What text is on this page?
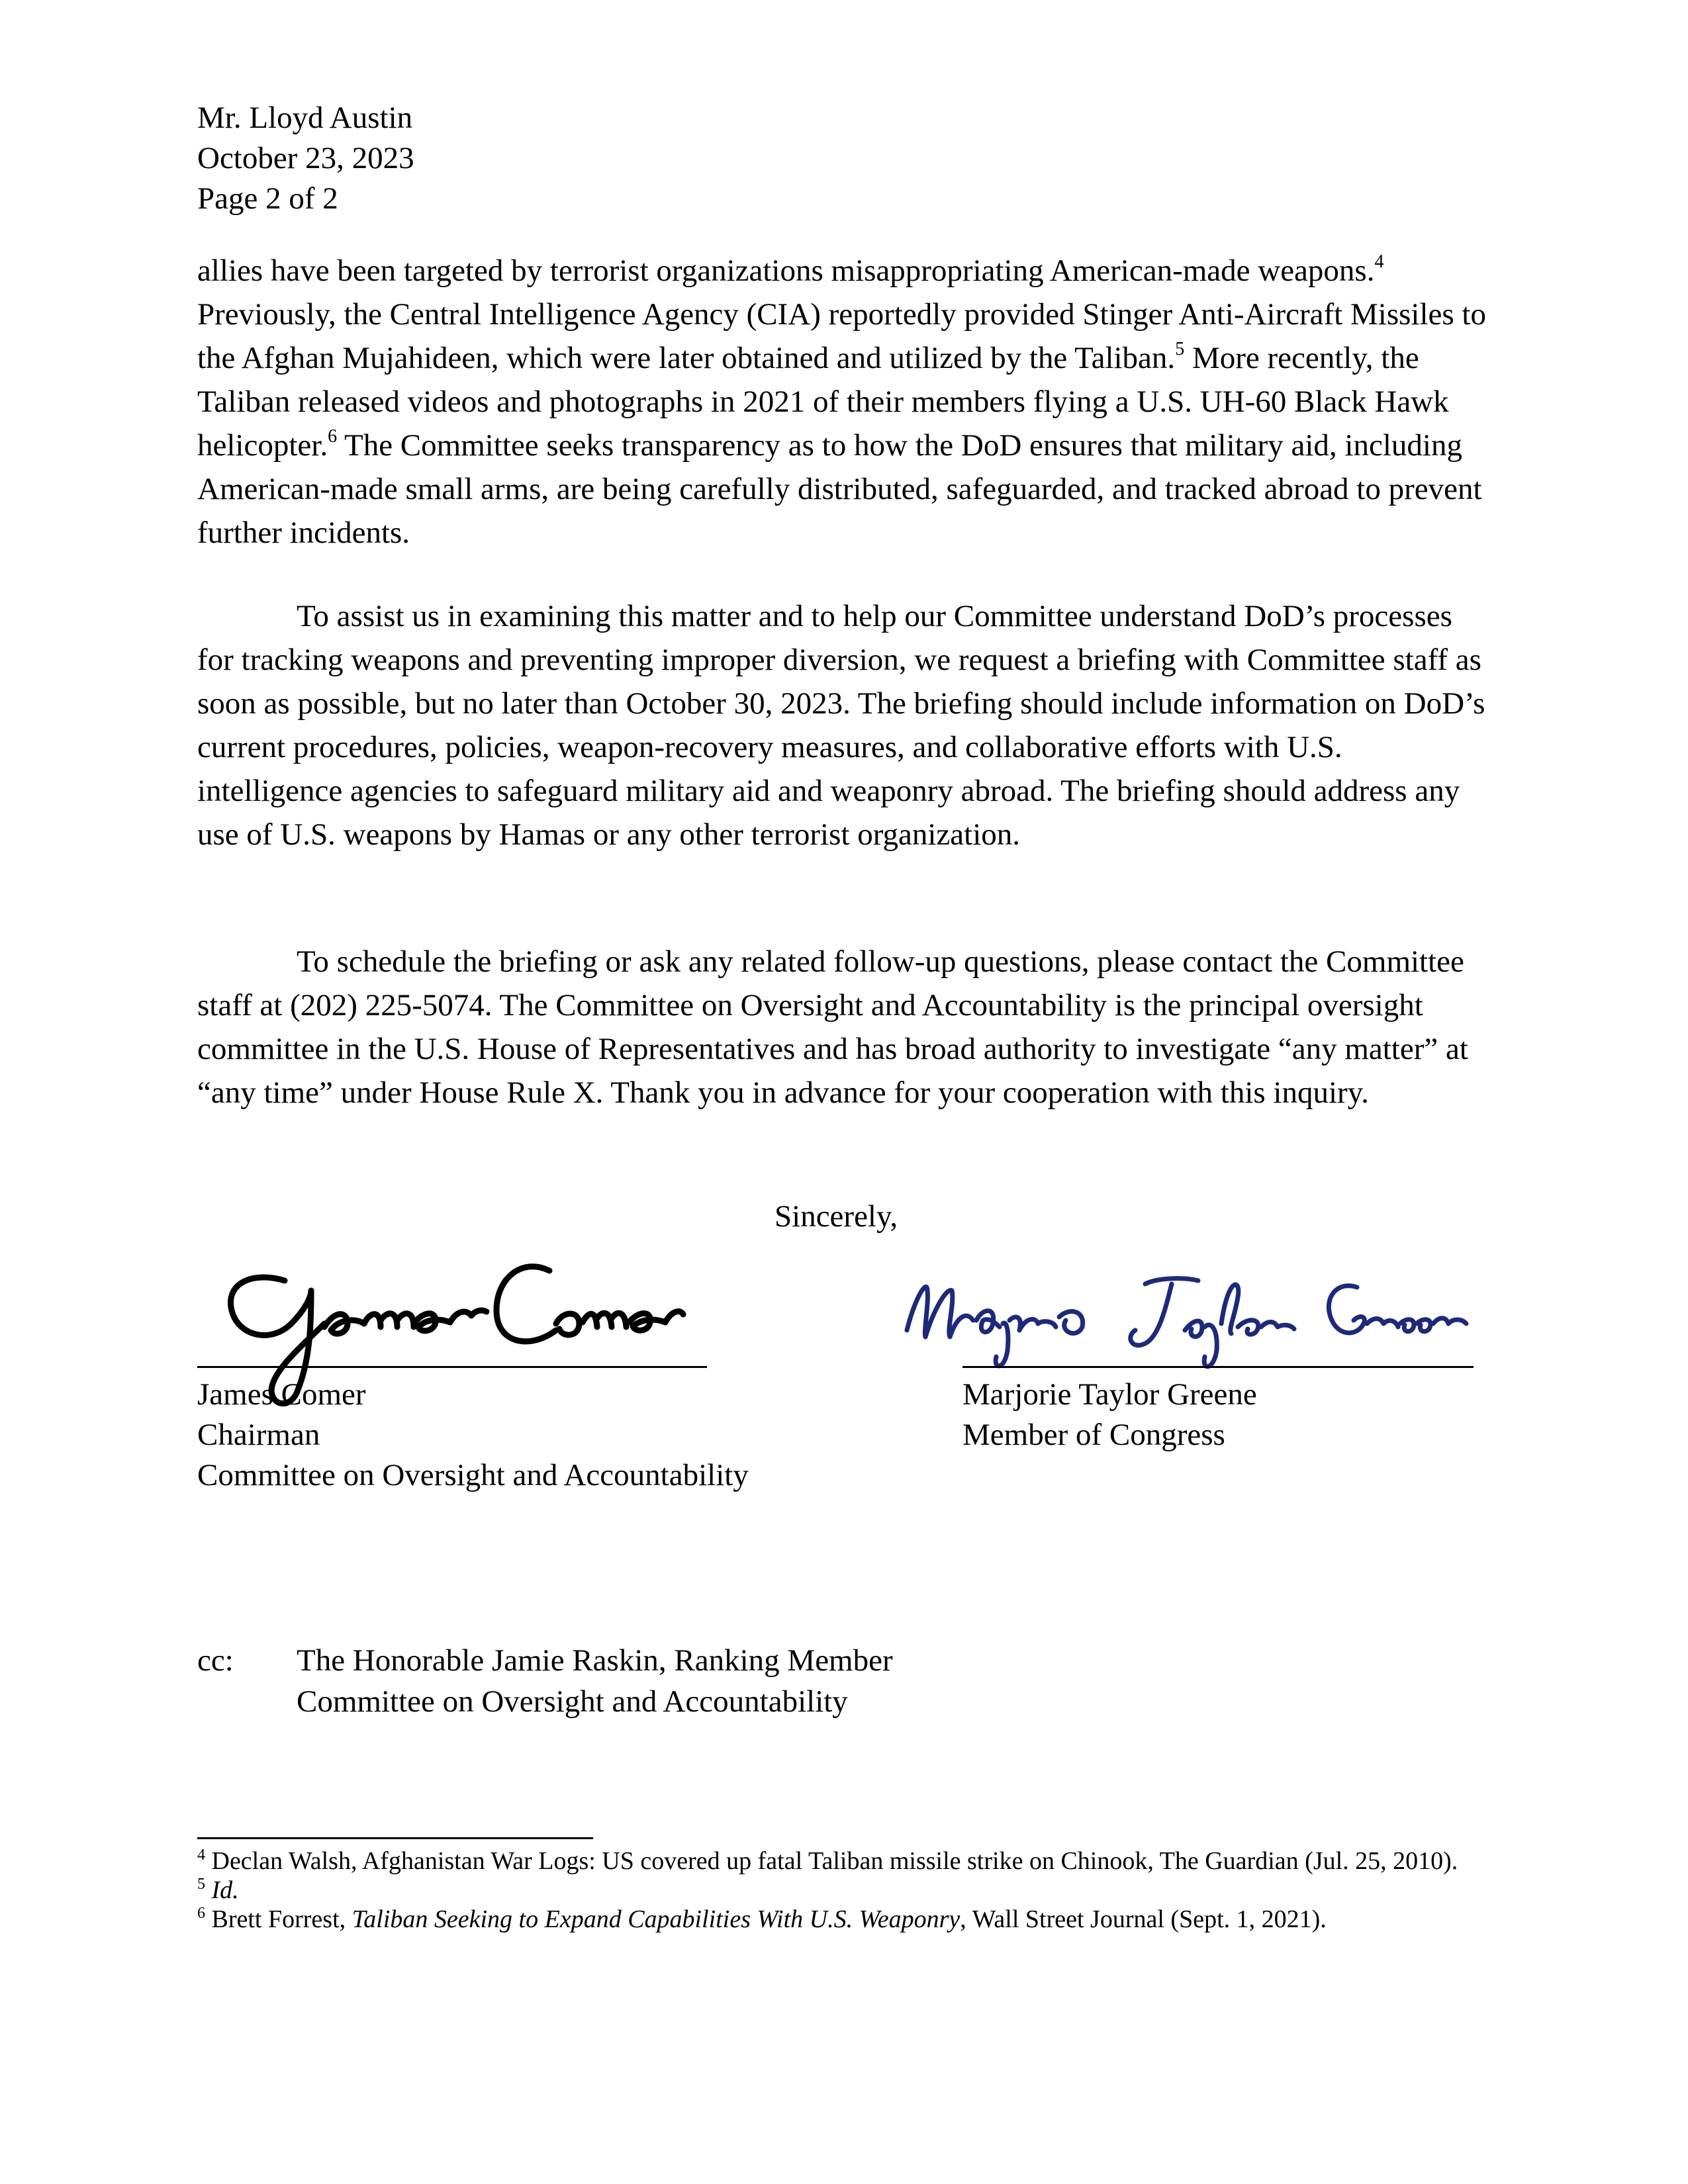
Mr. Lloyd Austin
October 23, 2023
Page 2 of 2

allies have been targeted by terrorist organizations misappropriating American-made weapons.$^4$ Previously, the Central Intelligence Agency (CIA) reportedly provided Stinger Anti-Aircraft Missiles to the Afghan Mujahideen, which were later obtained and utilized by the Taliban.$^5$ More recently, the Taliban released videos and photographs in 2021 of their members flying a U.S. UH-60 Black Hawk helicopter.$^6$ The Committee seeks transparency as to how the DoD ensures that military aid, including American-made small arms, are being carefully distributed, safeguarded, and tracked abroad to prevent further incidents.

To assist us in examining this matter and to help our Committee understand DoD’s processes for tracking weapons and preventing improper diversion, we request a briefing with Committee staff as soon as possible, but no later than October 30, 2023. The briefing should include information on DoD’s current procedures, policies, weapon-recovery measures, and collaborative efforts with U.S. intelligence agencies to safeguard military aid and weaponry abroad. The briefing should address any use of U.S. weapons by Hamas or any other terrorist organization.

To schedule the briefing or ask any related follow-up questions, please contact the Committee staff at (202) 225-5074. The Committee on Oversight and Accountability is the principal oversight committee in the U.S. House of Representatives and has broad authority to investigate “any matter” at “any time” under House Rule X. Thank you in advance for your cooperation with this inquiry.

Sincerely,
James Comer
Chairman
Committee on Oversight and Accountability
Marjorie Taylor Greene
Member of Congress
cc: The Honorable Jamie Raskin, Ranking Member
Committee on Oversight and Accountability

$^4$ Declan Walsh, Afghanistan War Logs: US covered up fatal Taliban missile strike on Chinook, The Guardian (Jul. 25, 2010).

$^5$ Id.

$^6$ Brett Forrest, Taliban Seeking to Expand Capabilities With U.S. Weaponry, Wall Street Journal (Sept. 1, 2021).
